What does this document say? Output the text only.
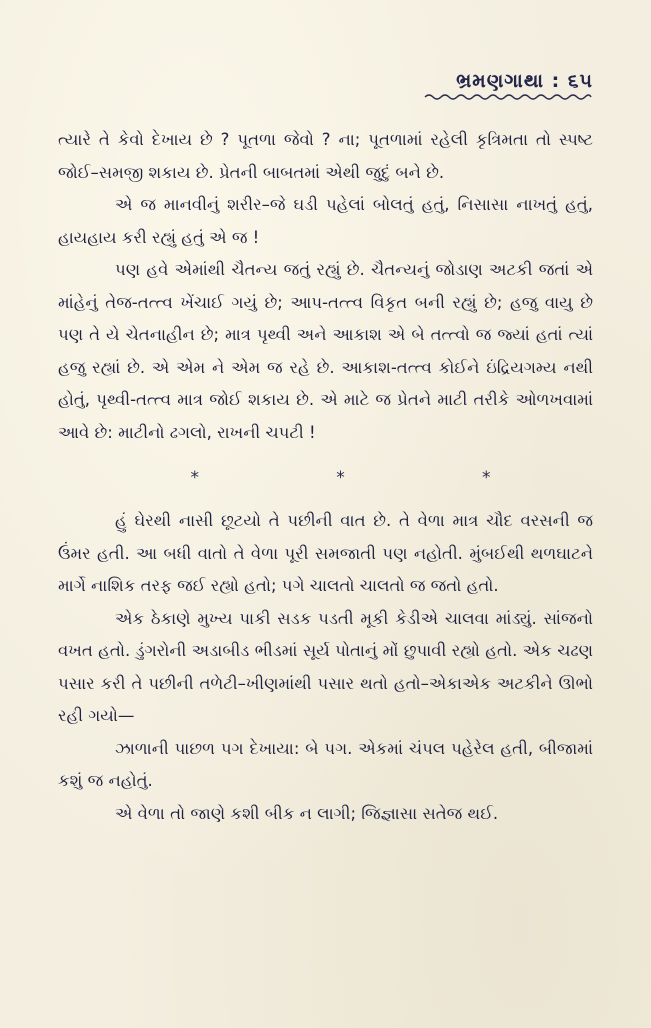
ભ્રમણગાથા : ૬૫

ત્યારે તે કેવો દેખાય છે ? પૂતળા જેવો ? ના; પૂતળામાં રહેલી કૃત્રિમતા તો સ્પષ્ટ જોઈ–સમજી શકાય છે. પ્રેતની બાબતમાં એથી જુદું બને છે.

એ જ માનવીનું શરીર–જે ઘડી પહેલાં બોલતું હતું, નિસાસા નાખતું હતું, હાયહાય કરી રહ્યું હતું એ જ !

પણ હવે એમાંથી ચૈતન્ય જતું રહ્યું છે. ચૈતન્યનું જોડાણ અટકી જતાં એ માંહેનું તેજ-તત્ત્વ ખેંચાઈ ગયું છે; આપ-તત્ત્વ વિકૃત બની રહ્યું છે; હજુ વાયુ છે પણ તે યે ચેતનાહીન છે; માત્ર પૃથ્વી અને આકાશ એ બે તત્ત્વો જ જ્યાં હતાં ત્યાં હજુ રહ્યાં છે. એ એમ ને એમ જ રહે છે. આકાશ-તત્ત્વ કોઈને ઇંદ્રિયગમ્ય નથી હોતું, પૃથ્વી-તત્ત્વ માત્ર જોઈ શકાય છે. એ માટે જ પ્રેતને માટી તરીકે ઓળખવામાં આવે છે: માટીનો ઢગલો, રાખની ચપટી !

*	*	*

હું ઘેરથી નાસી છૂટયો તે પછીની વાત છે. તે વેળા માત્ર ચૌદ વરસની જ ઉંમર હતી. આ બધી વાતો તે વેળા પૂરી સમજાતી પણ નહોતી. મુંબઈથી થળઘાટને માર્ગે નાશિક તરફ જઈ રહ્યો હતો; પગે ચાલતો ચાલતો જ જતો હતો.

એક ઠેકાણે મુખ્ય પાકી સડક પડતી મૂકી કેડીએ ચાલવા માંડ્યું. સાંજનો વખત હતો. ડુંગરોની અડાબીડ ભીડમાં સૂર્ય પોતાનું મોં છુપાવી રહ્યો હતો. એક ચઢણ પસાર કરી તે પછીની તળેટી–ખીણમાંથી પસાર થતો હતો–એકાએક અટકીને ઊભો રહી ગયો—

ઝાળાની પાછળ પગ દેખાયા: બે પગ. એકમાં ચંપલ પહેરેલ હતી, બીજામાં કશું જ નહોતું.

એ વેળા તો જાણે કશી બીક ન લાગી; જિજ્ઞાસા સતેજ થઈ.
